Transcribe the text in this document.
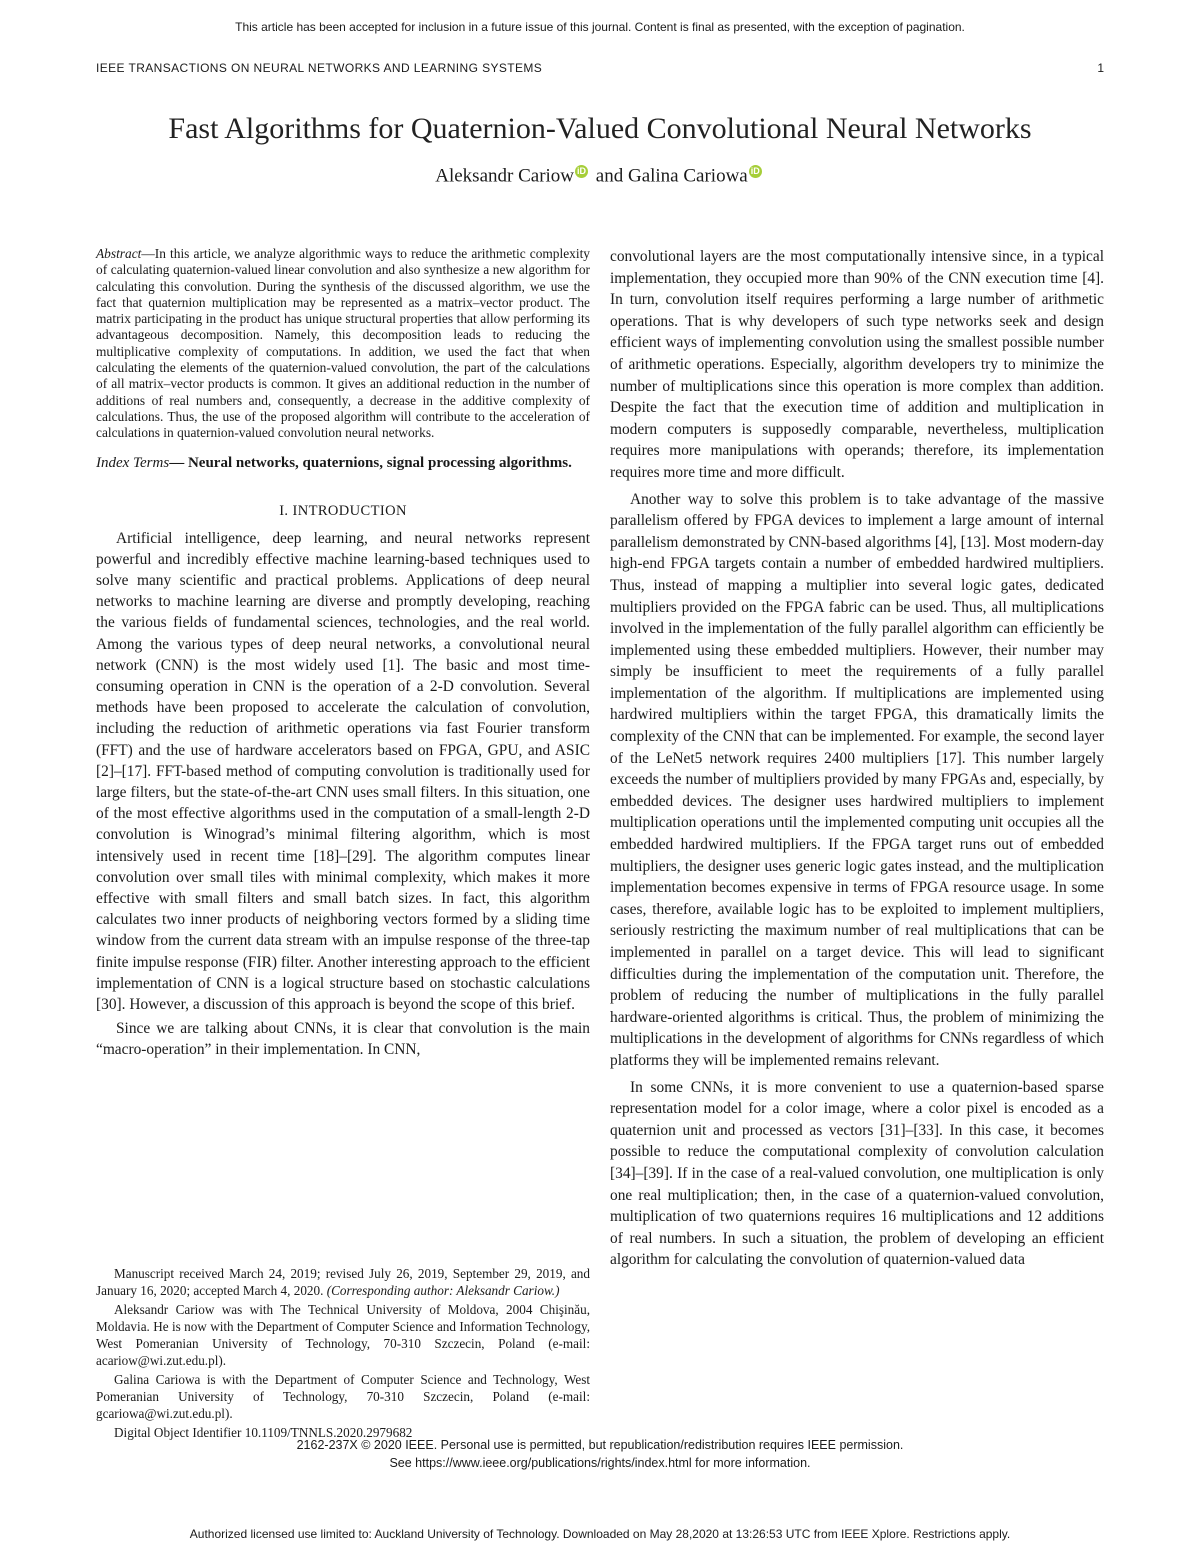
This article has been accepted for inclusion in a future issue of this journal. Content is final as presented, with the exception of pagination.
IEEE TRANSACTIONS ON NEURAL NETWORKS AND LEARNING SYSTEMS	1
Fast Algorithms for Quaternion-Valued Convolutional Neural Networks
Aleksandr Cariow iD and Galina Cariowa iD

Abstract—In this article, we analyze algorithmic ways to reduce the arithmetic complexity of calculating quaternion-valued linear convolution and also synthesize a new algorithm for calculating this convolution. During the synthesis of the discussed algorithm, we use the fact that quaternion multiplication may be represented as a matrix–vector product. The matrix participating in the product has unique structural properties that allow performing its advantageous decomposition. Namely, this decomposition leads to reducing the multiplicative complexity of computations. In addition, we used the fact that when calculating the elements of the quaternion-valued convolution, the part of the calculations of all matrix–vector products is common. It gives an additional reduction in the number of additions of real numbers and, consequently, a decrease in the additive complexity of calculations. Thus, the use of the proposed algorithm will contribute to the acceleration of calculations in quaternion-valued convolution neural networks.

Index Terms— Neural networks, quaternions, signal processing algorithms.

I. INTRODUCTION

Artificial intelligence, deep learning, and neural networks represent powerful and incredibly effective machine learning-based techniques used to solve many scientific and practical problems. Applications of deep neural networks to machine learning are diverse and promptly developing, reaching the various fields of fundamental sciences, technologies, and the real world. Among the various types of deep neural networks, a convolutional neural network (CNN) is the most widely used [1]. The basic and most time-consuming operation in CNN is the operation of a 2-D convolution. Several methods have been proposed to accelerate the calculation of convolution, including the reduction of arithmetic operations via fast Fourier transform (FFT) and the use of hardware accelerators based on FPGA, GPU, and ASIC [2]–[17]. FFT-based method of computing convolution is traditionally used for large filters, but the state-of-the-art CNN uses small filters. In this situation, one of the most effective algorithms used in the computation of a small-length 2-D convolution is Winograd’s minimal filtering algorithm, which is most intensively used in recent time [18]–[29]. The algorithm computes linear convolution over small tiles with minimal complexity, which makes it more effective with small filters and small batch sizes. In fact, this algorithm calculates two inner products of neighboring vectors formed by a sliding time window from the current data stream with an impulse response of the three-tap finite impulse response (FIR) filter. Another interesting approach to the efficient implementation of CNN is a logical structure based on stochastic calculations [30]. However, a discussion of this approach is beyond the scope of this brief.

Since we are talking about CNNs, it is clear that convolution is the main “macro-operation” in their implementation. In CNN,

convolutional layers are the most computationally intensive since, in a typical implementation, they occupied more than 90% of the CNN execution time [4]. In turn, convolution itself requires performing a large number of arithmetic operations. That is why developers of such type networks seek and design efficient ways of implementing convolution using the smallest possible number of arithmetic operations. Especially, algorithm developers try to minimize the number of multiplications since this operation is more complex than addition. Despite the fact that the execution time of addition and multiplication in modern computers is supposedly comparable, nevertheless, multiplication requires more manipulations with operands; therefore, its implementation requires more time and more difficult.

Another way to solve this problem is to take advantage of the massive parallelism offered by FPGA devices to implement a large amount of internal parallelism demonstrated by CNN-based algorithms [4], [13]. Most modern-day high-end FPGA targets contain a number of embedded hardwired multipliers. Thus, instead of mapping a multiplier into several logic gates, dedicated multipliers provided on the FPGA fabric can be used. Thus, all multiplications involved in the implementation of the fully parallel algorithm can efficiently be implemented using these embedded multipliers. However, their number may simply be insufficient to meet the requirements of a fully parallel implementation of the algorithm. If multiplications are implemented using hardwired multipliers within the target FPGA, this dramatically limits the complexity of the CNN that can be implemented. For example, the second layer of the LeNet5 network requires 2400 multipliers [17]. This number largely exceeds the number of multipliers provided by many FPGAs and, especially, by embedded devices. The designer uses hardwired multipliers to implement multiplication operations until the implemented computing unit occupies all the embedded hardwired multipliers. If the FPGA target runs out of embedded multipliers, the designer uses generic logic gates instead, and the multiplication implementation becomes expensive in terms of FPGA resource usage. In some cases, therefore, available logic has to be exploited to implement multipliers, seriously restricting the maximum number of real multiplications that can be implemented in parallel on a target device. This will lead to significant difficulties during the implementation of the computation unit. Therefore, the problem of reducing the number of multiplications in the fully parallel hardware-oriented algorithms is critical. Thus, the problem of minimizing the multiplications in the development of algorithms for CNNs regardless of which platforms they will be implemented remains relevant.

In some CNNs, it is more convenient to use a quaternion-based sparse representation model for a color image, where a color pixel is encoded as a quaternion unit and processed as vectors [31]–[33]. In this case, it becomes possible to reduce the computational complexity of convolution calculation [34]–[39]. If in the case of a real-valued convolution, one multiplication is only one real multiplication; then, in the case of a quaternion-valued convolution, multiplication of two quaternions requires 16 multiplications and 12 additions of real numbers. In such a situation, the problem of developing an efficient algorithm for calculating the convolution of quaternion-valued data

Manuscript received March 24, 2019; revised July 26, 2019, September 29, 2019, and January 16, 2020; accepted March 4, 2020. (Corresponding author: Aleksandr Cariow.)

Aleksandr Cariow was with The Technical University of Moldova, 2004 Chişinău, Moldavia. He is now with the Department of Computer Science and Information Technology, West Pomeranian University of Technology, 70-310 Szczecin, Poland (e-mail: acariow@wi.zut.edu.pl).

Galina Cariowa is with the Department of Computer Science and Technology, West Pomeranian University of Technology, 70-310 Szczecin, Poland (e-mail: gcariowa@wi.zut.edu.pl).

Digital Object Identifier 10.1109/TNNLS.2020.2979682

2162-237X © 2020 IEEE. Personal use is permitted, but republication/redistribution requires IEEE permission.
See https://www.ieee.org/publications/rights/index.html for more information.
Authorized licensed use limited to: Auckland University of Technology. Downloaded on May 28,2020 at 13:26:53 UTC from IEEE Xplore. Restrictions apply.
